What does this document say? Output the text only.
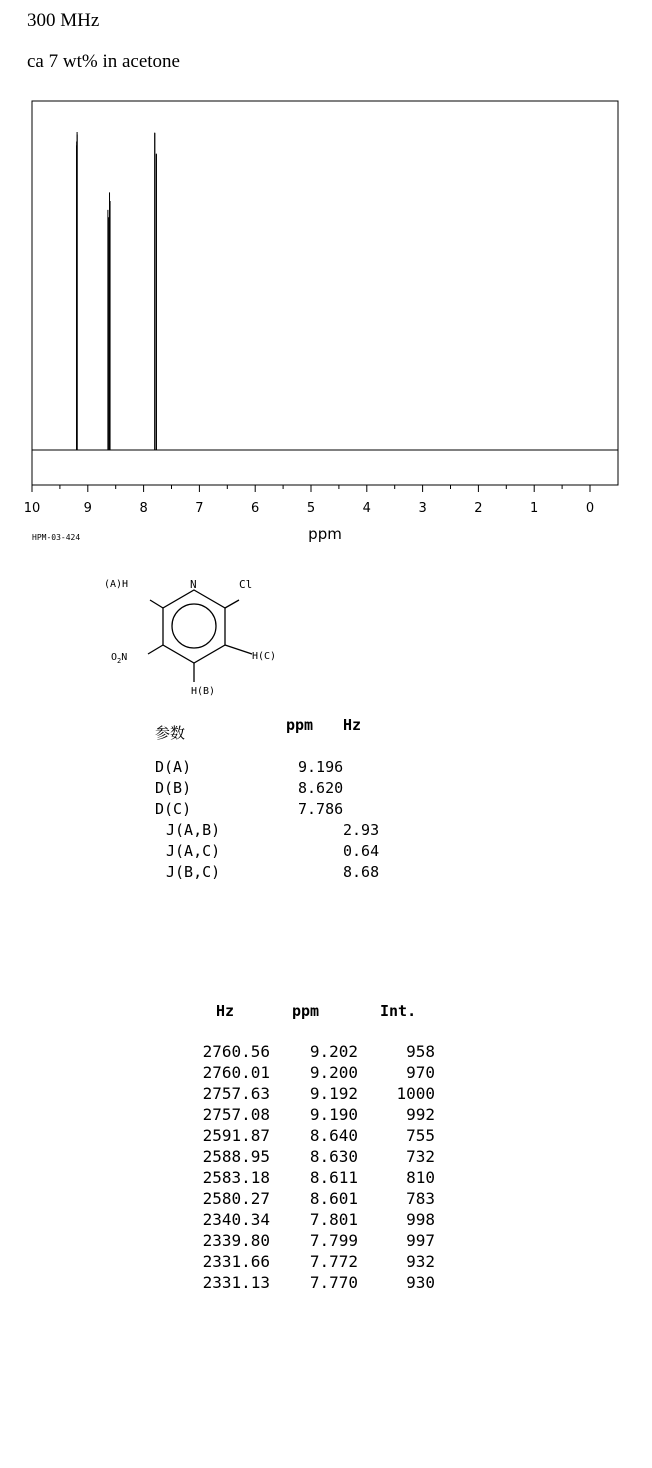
300 MHz
ca 7 wt% in acetone
10	9	8	7	6	5	4	3	2	1	0
ppm
HPM-03-424
(A)H	N	Cl
H(C)
H(B)
$O_2N$
参数	ppm Hz
D(A)	9.196
D(B)	8.620
D(C)	7.786
J(A,B)	2.93
J(A,C)	0.64
J(B,C)	8.68
Hz	ppm	Int.
2760.56 9.202	958
2760.01 9.200	970
2757.63 9.192 1000
2757.08 9.190	992
2591.87 8.640	755
2588.95 8.630	732
2583.18 8.611	810
2580.27 8.601	783
2340.34 7.801	998
2339.80 7.799	997
2331.66 7.772	932
2331.13 7.770	930
